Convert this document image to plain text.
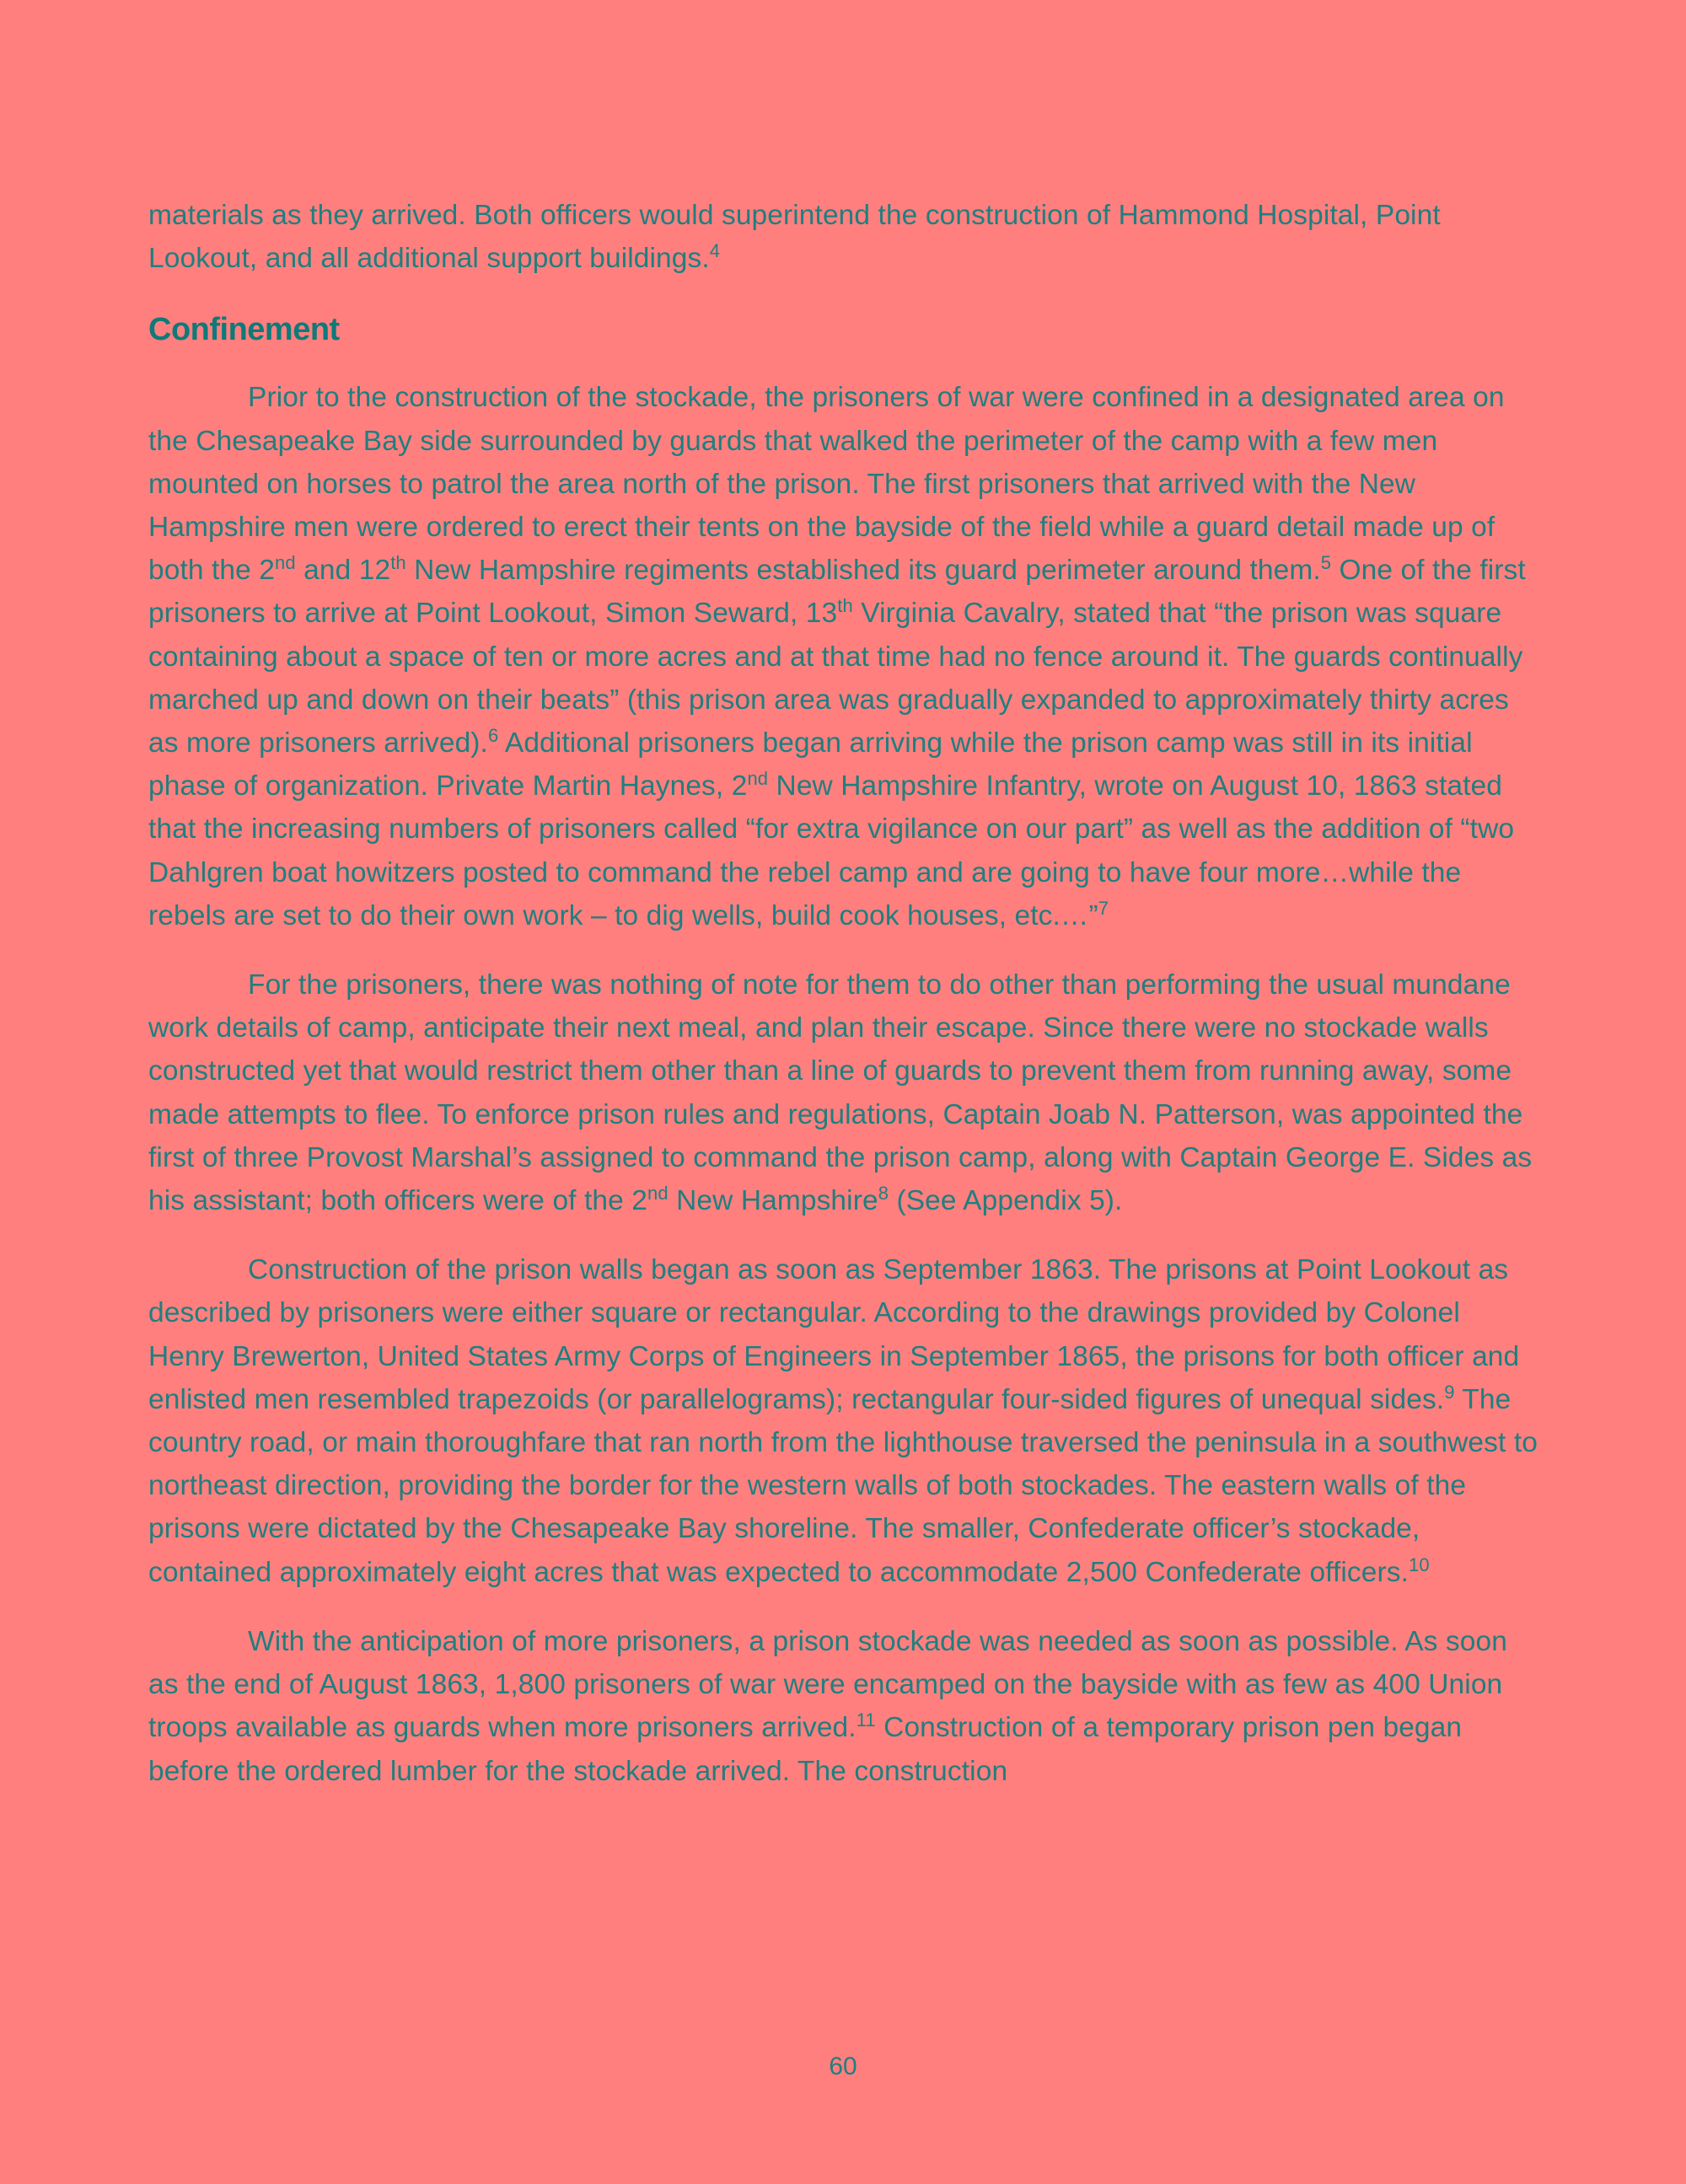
materials as they arrived. Both officers would superintend the construction of Hammond Hospital, Point Lookout, and all additional support buildings.$^4$

Confinement

Prior to the construction of the stockade, the prisoners of war were confined in a designated area on the Chesapeake Bay side surrounded by guards that walked the perimeter of the camp with a few men mounted on horses to patrol the area north of the prison. The first prisoners that arrived with the New Hampshire men were ordered to erect their tents on the bayside of the field while a guard detail made up of both the 2nd and 12th New Hampshire regiments established its guard perimeter around them.$^5$ One of the first prisoners to arrive at Point Lookout, Simon Seward, 13th Virginia Cavalry, stated that “the prison was square containing about a space of ten or more acres and at that time had no fence around it. The guards continually marched up and down on their beats” (this prison area was gradually expanded to approximately thirty acres as more prisoners arrived).$^6$ Additional prisoners began arriving while the prison camp was still in its initial phase of organization. Private Martin Haynes, 2nd New Hampshire Infantry, wrote on August 10, 1863 stated that the increasing numbers of prisoners called “for extra vigilance on our part” as well as the addition of “two Dahlgren boat howitzers posted to command the rebel camp and are going to have four more…while the rebels are set to do their own work – to dig wells, build cook houses, etc.…”$^7$

For the prisoners, there was nothing of note for them to do other than performing the usual mundane work details of camp, anticipate their next meal, and plan their escape. Since there were no stockade walls constructed yet that would restrict them other than a line of guards to prevent them from running away, some made attempts to flee. To enforce prison rules and regulations, Captain Joab N. Patterson, was appointed the first of three Provost Marshal’s assigned to command the prison camp, along with Captain George E. Sides as his assistant; both officers were of the 2nd New Hampshire$^8$ (See Appendix 5).

Construction of the prison walls began as soon as September 1863. The prisons at Point Lookout as described by prisoners were either square or rectangular. According to the drawings provided by Colonel Henry Brewerton, United States Army Corps of Engineers in September 1865, the prisons for both officer and enlisted men resembled trapezoids (or parallelograms); rectangular four-sided figures of unequal sides.$^9$ The country road, or main thoroughfare that ran north from the lighthouse traversed the peninsula in a southwest to northeast direction, providing the border for the western walls of both stockades. The eastern walls of the prisons were dictated by the Chesapeake Bay shoreline. The smaller, Confederate officer’s stockade, contained approximately eight acres that was expected to accommodate 2,500 Confederate officers.$^{10}$

With the anticipation of more prisoners, a prison stockade was needed as soon as possible. As soon as the end of August 1863, 1,800 prisoners of war were encamped on the bayside with as few as 400 Union troops available as guards when more prisoners arrived.$^{11}$ Construction of a temporary prison pen began before the ordered lumber for the stockade arrived. The construction

60
